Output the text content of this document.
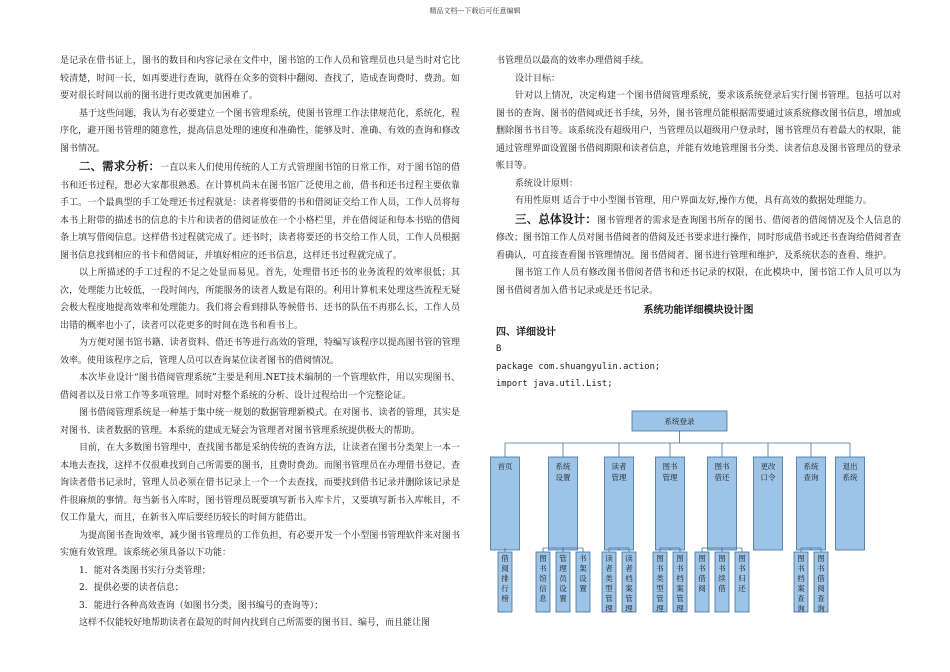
精品文档---下载后可任意编辑

是记录在借书证上，图书的数目和内容记录在文件中，图书馆的工作人员和管理员也只是当时对它比较清楚，时间一长，如再要进行查询，就得在众多的资料中翻阅、查找了，造成查询费时、费劲。如要对很长时间以前的图书进行更改就更加困难了。

基于这些问题，我认为有必要建立一个图书管理系统，使图书管理工作法律规范化，系统化，程序化，避开图书管理的随意性，提高信息处理的速度和准确性，能够及时、准确、有效的查询和修改图书情况。

二、需求分析：一直以来人们使用传统的人工方式管理图书馆的日常工作，对于图书馆的借书和还书过程，想必大家都很熟悉。在计算机尚未在图书馆广泛使用之前，借书和还书过程主要依靠手工。一个最典型的手工处理还书过程就是：读者将要借的书和借阅证交给工作人员，工作人员将每本书上附带的描述书的信息的卡片和读者的借阅证放在一个小格栏里，并在借阅证和每本书贴的借阅条上填写借阅信息。这样借书过程就完成了。还书时，读者将要还的书交给工作人员，工作人员根据图书信息找到相应的书卡和借阅证，并填好相应的还书信息，这样还书过程就完成了。

以上所描述的手工过程的不足之处显而易见。首先，处理借书还书的业务流程的效率很低；其次，处理能力比较低，一段时间内，所能服务的读者人数是有限的。利用计算机来处理这些流程无疑会极大程度地提高效率和处理能力。我们将会看到排队等候借书、还书的队伍不再那么长，工作人员出错的概率也小了，读者可以花更多的时间在选书和看书上。

为方便对图书馆书籍、读者资料、借还书等进行高效的管理，特编写该程序以提高图书管的管理效率。使用该程序之后，管理人员可以查询某位读者图书的借阅情况。

本次毕业设计“图书借阅管理系统”主要是利用.NET技术编制的一个管理软件，用以实现图书、借阅者以及日常工作等多项管理。同时对整个系统的分析、设计过程给出一个完整论证。

图书借阅管理系统是一种基于集中统一规划的数据管理新模式。在对图书、读者的管理，其实是对图书、读者数据的管理。本系统的建成无疑会为管理者对图书管理系统提供极大的帮助。

目前，在大多数图书管理中，查找图书都是采纳传统的查询方法，让读者在图书分类架上一本一本地去查找，这样不仅很难找到自己所需要的图书，且费时费劲。而图书管理员在办理借书登记、查询读者借书记录时，管理人员必须在借书记录上一个一个去查找，而要找到借书记录并删除该记录是件很麻烦的事情。每当新书入库时，图书管理员既要填写新书入库卡片，又要填写新书入库帐目，不仅工作量大，而且，在新书入库后要经历较长的时间方能借出。

为提高图书查询效率，减少图书管理员的工作负担，有必要开发一个小型图书管理软件来对图书实施有效管理。该系统必须具备以下功能：

1．能对各类图书实行分类管理；

2．提供必要的读者信息；

3．能进行各种高效查询（如图书分类，图书编号的查询等）；

这样不仅能较好地帮助读者在最短的时间内找到自己所需要的图书目、编号，而且能让图

书管理员以最高的效率办理借阅手续。

设计目标：

针对以上情况，决定构建一个图书借阅管理系统，要求该系统登录后实行图书管理。包括可以对图书的查询、图书的借阅或还书手续，另外，图书管理员能根据需要通过该系统修改图书信息，增加或删除图书书目等。该系统没有超级用户，当管理员以超级用户登录时，图书管理员有着最大的权限，能通过管理界面设置图书借阅期限和读者信息，并能有效地管理图书分类、读者信息及图书管理员的登录帐目等。

系统设计原则：

有用性原则 适合于中小型图书管理，用户界面友好,操作方便，具有高效的数据处理能力。

三、总体设计：图书管理者的需求是查询图书所存的图书、借阅者的借阅情况及个人信息的修改；图书馆工作人员对图书借阅者的借阅及还书要求进行操作，同时形成借书或还书查询给借阅者查看确认，可直接查看图书管理情况。图书借阅者、图书进行管理和维护，及系统状态的查看、维护。

图书馆工作人员有修改图书借阅者借书和还书记录的权限，在此模块中，图书馆工作人员可以为图书借阅者加入借书记录或是还书记录。

系统功能详细模块设计图
四、详细设计
B
package com.shuangyulin.action;
import java.util.List;
系统登录
首页
借阅排行榜
系统设置
图书馆信息
管理员设置
书架设置
读者管理
读者类型管理
读者档案管理
图书管理
图书类型管理
图书档案管理
图书借还
图书借阅
图书续借
图书归还
更改口令
系统查询
图书档案查询
图书借阅查询
退出系统
